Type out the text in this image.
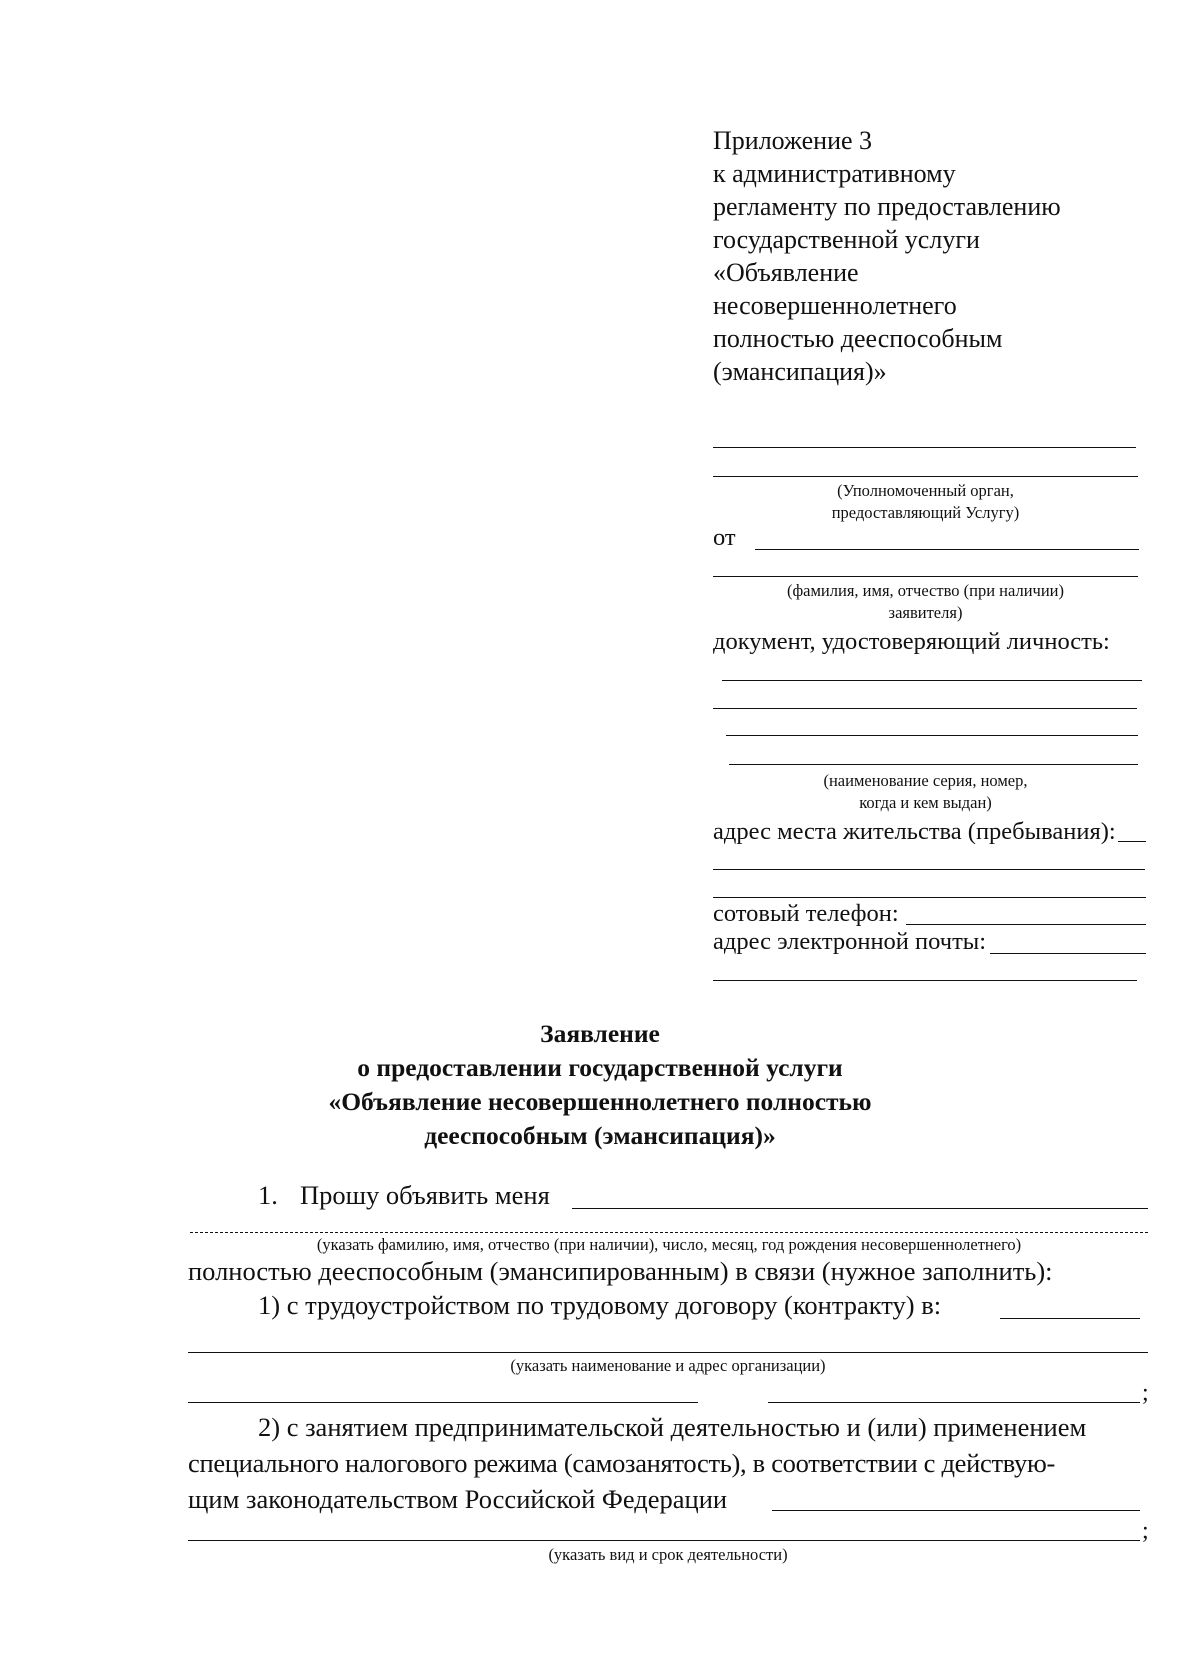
Приложение 3
к административному
регламенту по предоставлению
государственной услуги
«Объявление
несовершеннолетнего
полностью дееспособным
(эмансипация)»
(Уполномоченный орган,
предоставляющий Услугу)
от
(фамилия, имя, отчество (при наличии)
заявителя)
документ, удостоверяющий личность:
(наименование серия, номер,
когда и кем выдан)
адрес места жительства (пребывания):
сотовый телефон:
адрес электронной почты:
Заявление
о предоставлении государственной услуги
«Объявление несовершеннолетнего полностью
дееспособным (эмансипация)»
1. Прошу объявить меня
(указать фамилию, имя, отчество (при наличии), число, месяц, год рождения несовершеннолетнего)
полностью дееспособным (эмансипированным) в связи (нужное заполнить):
1) с трудоустройством по трудовому договору (контракту) в:
(указать наименование и адрес организации)
;
2) с занятием предпринимательской деятельностью и (или) применением
специального налогового режима (самозанятость), в соответствии с действую-
щим законодательством Российской Федерации
;
(указать вид и срок деятельности)
